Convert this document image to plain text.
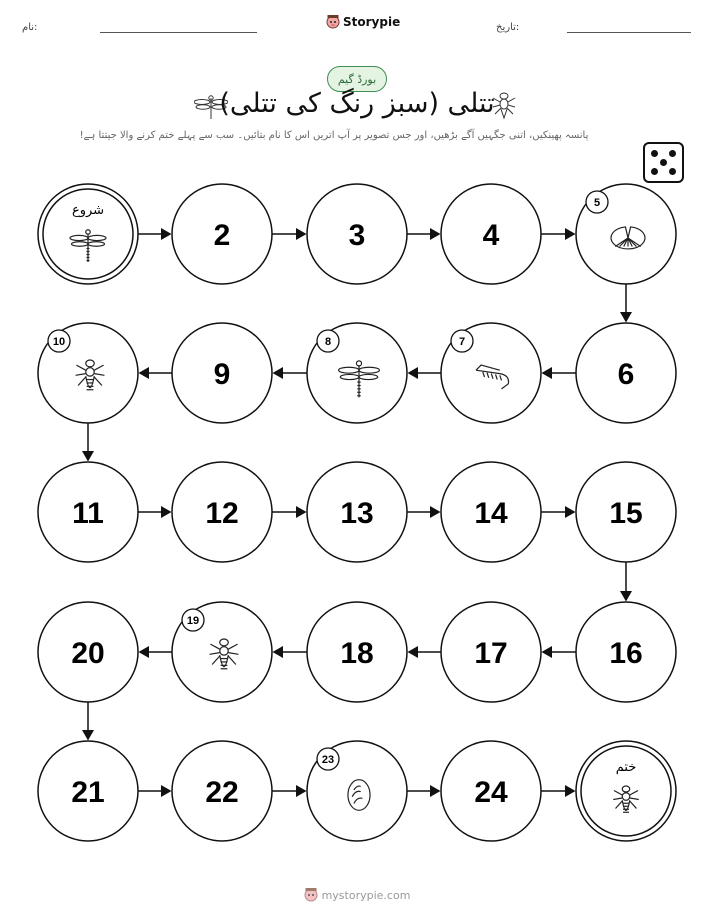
نام:	Storypie	تاریخ:
بورڈ گیم
تتلی (سبز رنگ کی تتلی)
پانسہ پھینکیں، اتنی جگہیں آگے بڑھیں، اور جس تصویر پر آپ اتریں اس کا نام بتائیں۔ سب سے پہلے ختم کرنے والا جیتتا ہے!
شروع
2	3	4
5
6
7
8
9
10
11	12	13	14	15
16
17
18
19
20
21	22
23
24
ختم
mystorypie.com
